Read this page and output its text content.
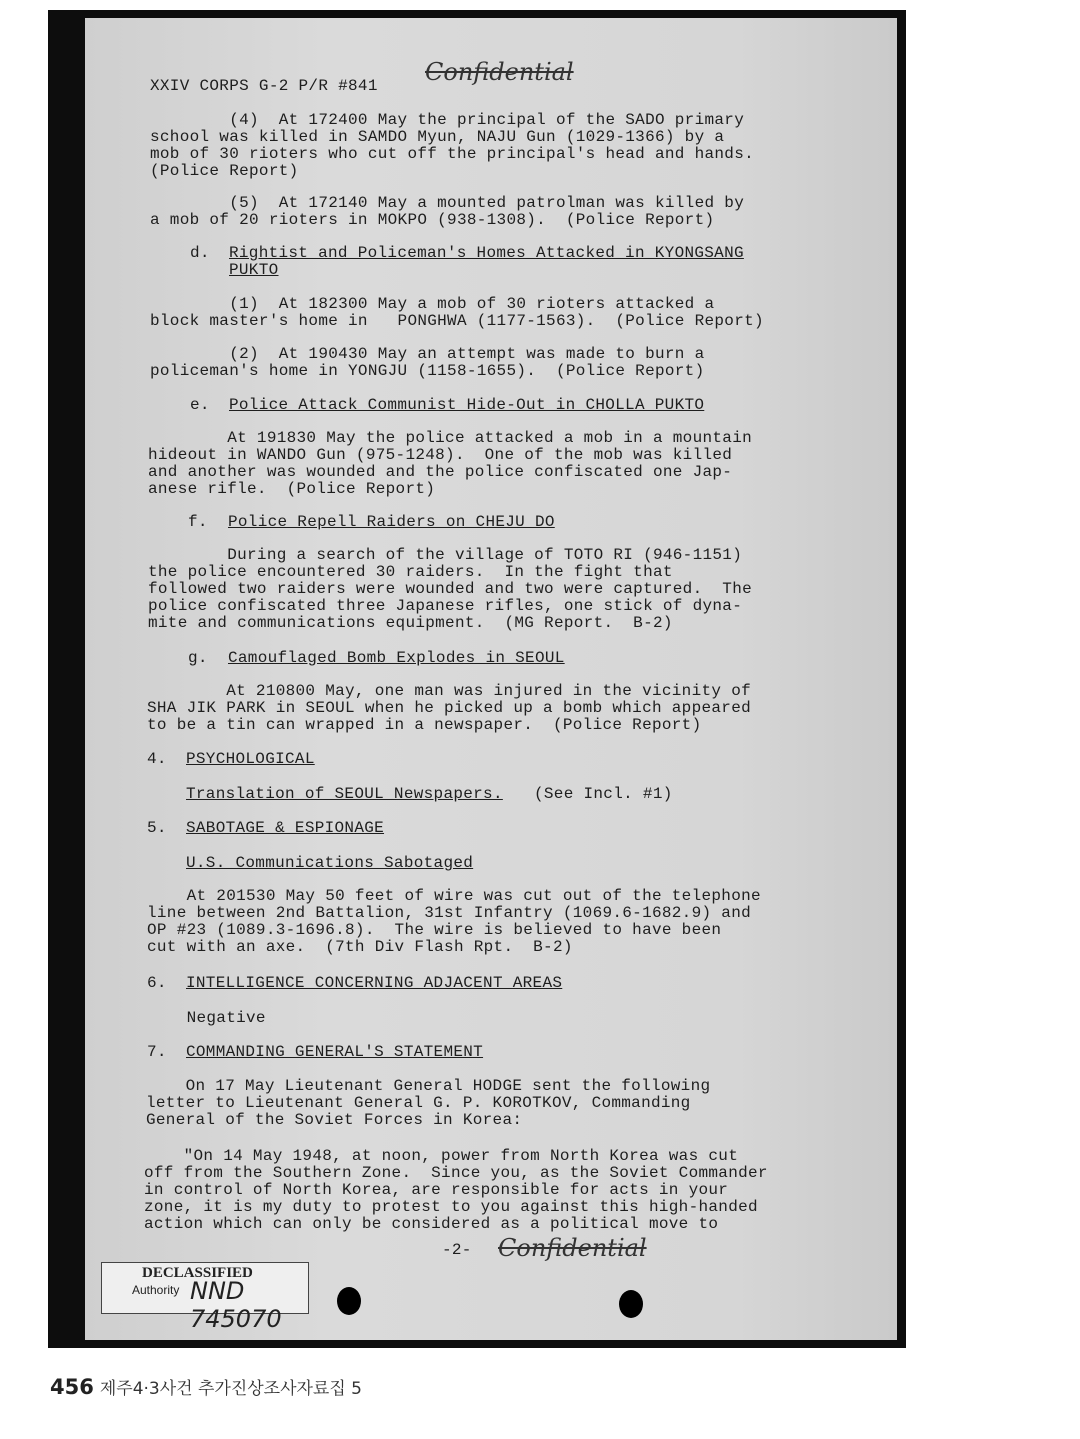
XXIV CORPS G-2 P/R #841 Confidential
(4)  At 172400 May the principal of the SADO primary
school was killed in SAMDO Myun, NAJU Gun (1029-1366) by a
mob of 30 rioters who cut off the principal's head and hands.
(Police Report)
(5)  At 172140 May a mounted patrolman was killed by
a mob of 20 rioters in MOKPO (938-1308).  (Police Report)
d. Rightist and Policeman's Homes Attacked in KYONGSANG
PUKTO
(1)  At 182300 May a mob of 30 rioters attacked a
block master's home in   PONGHWA (1177-1563).  (Police Report)
(2)  At 190430 May an attempt was made to burn a
policeman's home in YONGJU (1158-1655).  (Police Report)
e. Police Attack Communist Hide-Out in CHOLLA PUKTO
At 191830 May the police attacked a mob in a mountain
hideout in WANDO Gun (975-1248).  One of the mob was killed
and another was wounded and the police confiscated one Jap-
anese rifle.  (Police Report)
f. Police Repell Raiders on CHEJU DO
During a search of the village of TOTO RI (946-1151)
the police encountered 30 raiders.  In the fight that
followed two raiders were wounded and two were captured.  The
police confiscated three Japanese rifles, one stick of dyna-
mite and communications equipment.  (MG Report.  B-2)
g. Camouflaged Bomb Explodes in SEOUL
At 210800 May, one man was injured in the vicinity of
SHA JIK PARK in SEOUL when he picked up a bomb which appeared
to be a tin can wrapped in a newspaper.  (Police Report)
4. PSYCHOLOGICAL
Translation of SEOUL Newspapers. (See Incl. #1)
5. SABOTAGE & ESPIONAGE
U.S. Communications Sabotaged
At 201530 May 50 feet of wire was cut out of the telephone
line between 2nd Battalion, 31st Infantry (1069.6-1682.9) and
OP #23 (1089.3-1696.8).  The wire is believed to have been
cut with an axe.  (7th Div Flash Rpt.  B-2)
6. INTELLIGENCE CONCERNING ADJACENT AREAS
Negative
7. COMMANDING GENERAL'S STATEMENT
On 17 May Lieutenant General HODGE sent the following
letter to Lieutenant General G. P. KOROTKOV, Commanding
General of the Soviet Forces in Korea:
"On 14 May 1948, at noon, power from North Korea was cut
off from the Southern Zone.  Since you, as the Soviet Commander
in control of North Korea, are responsible for acts in your
zone, it is my duty to protest to you against this high-handed
action which can only be considered as a political move to
-2- Confidential
DECLASSIFIED
Authority NND 745070
456 제주4·3사건 추가진상조사자료집 5
